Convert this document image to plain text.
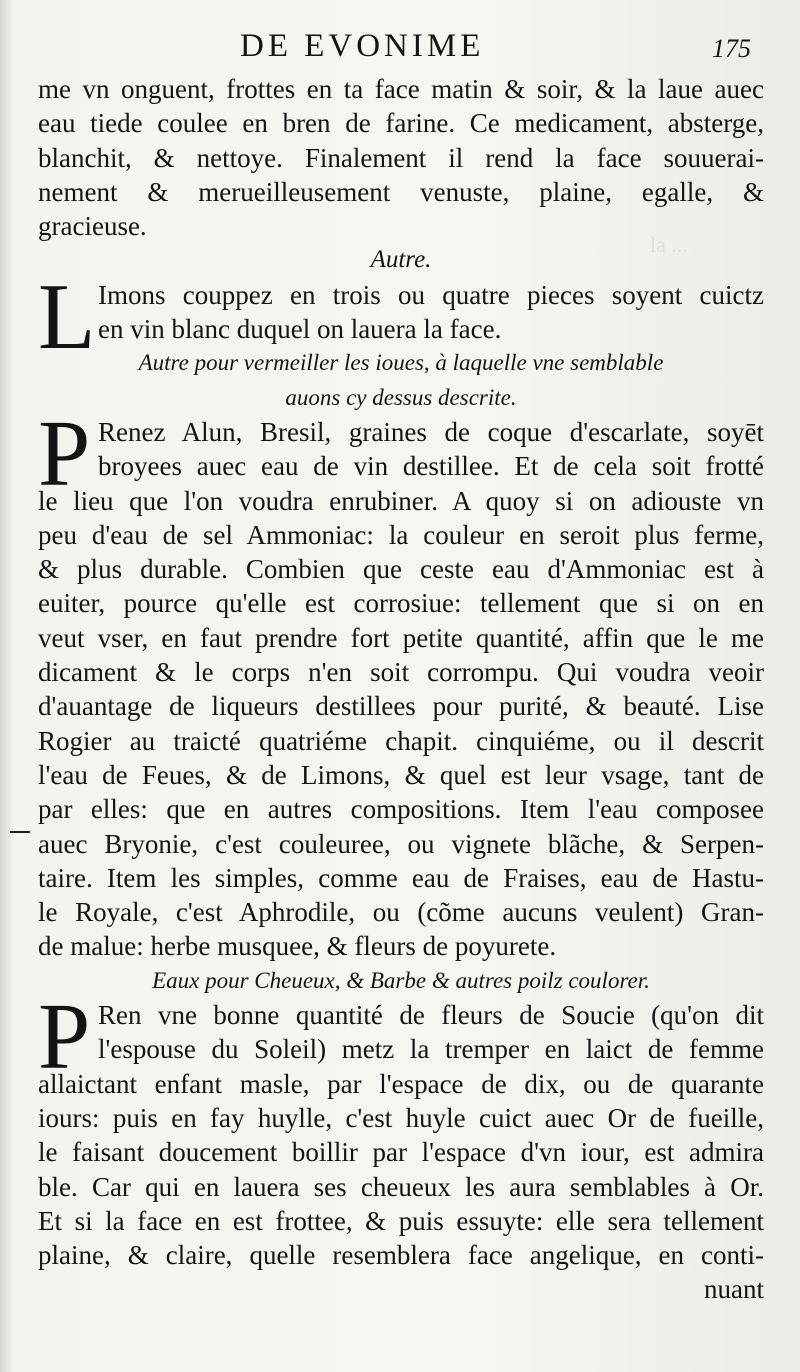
la ...
DE EVONIME	175
me vn onguent, frottes en ta face matin & soir, & la laue auec
eau tiede coulee en bren de farine. Ce medicament, absterge,
blanchit, & nettoye. Finalement il rend la face souuerai-
nement & merueilleusement venuste, plaine, egalle, &
gracieuse.
Autre.
L Imons couppez en trois ou quatre pieces soyent cuictz
en vin blanc duquel on lauera la face.
Autre pour vermeiller les ioues, à laquelle vne semblable
auons cy dessus descrite.
P Renez Alun, Bresil, graines de coque d'escarlate, soyēt
broyees auec eau de vin destillee. Et de cela soit frotté
le lieu que l'on voudra enrubiner. A quoy si on adiouste vn
peu d'eau de sel Ammoniac: la couleur en seroit plus ferme,
& plus durable. Combien que ceste eau d'Ammoniac est à
euiter, pource qu'elle est corrosiue: tellement que si on en
veut vser, en faut prendre fort petite quantité, affin que le me
dicament & le corps n'en soit corrompu. Qui voudra veoir
d'auantage de liqueurs destillees pour purité, & beauté. Lise
Rogier au traicté quatriéme chapit. cinquiéme, ou il descrit
l'eau de Feues, & de Limons, & quel est leur vsage, tant de
par elles: que en autres compositions. Item l'eau composee
auec Bryonie, c'est couleuree, ou vignete blãche, & Serpen-
taire. Item les simples, comme eau de Fraises, eau de Hastu-
le Royale, c'est Aphrodile, ou (cõme aucuns veulent) Gran-
de malue: herbe musquee, & fleurs de poyurete.
Eaux pour Cheueux, & Barbe & autres poilz coulorer.
P Ren vne bonne quantité de fleurs de Soucie (qu'on dit
l'espouse du Soleil) metz la tremper en laict de femme
allaictant enfant masle, par l'espace de dix, ou de quarante
iours: puis en fay huylle, c'est huyle cuict auec Or de fueille,
le faisant doucement boillir par l'espace d'vn iour, est admira
ble. Car qui en lauera ses cheueux les aura semblables à Or.
Et si la face en est frottee, & puis essuyte: elle sera tellement
plaine, & claire, quelle resemblera face angelique, en conti-
nuant
